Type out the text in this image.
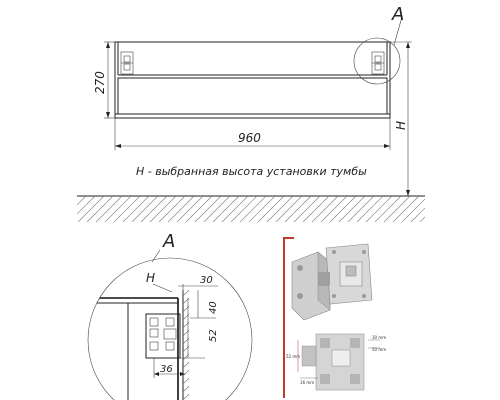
A
270
960
H
H - выбранная высота установки тумбы
A
H	30
40
52
36
30 mm
50 mm
52 mm
16 mm
